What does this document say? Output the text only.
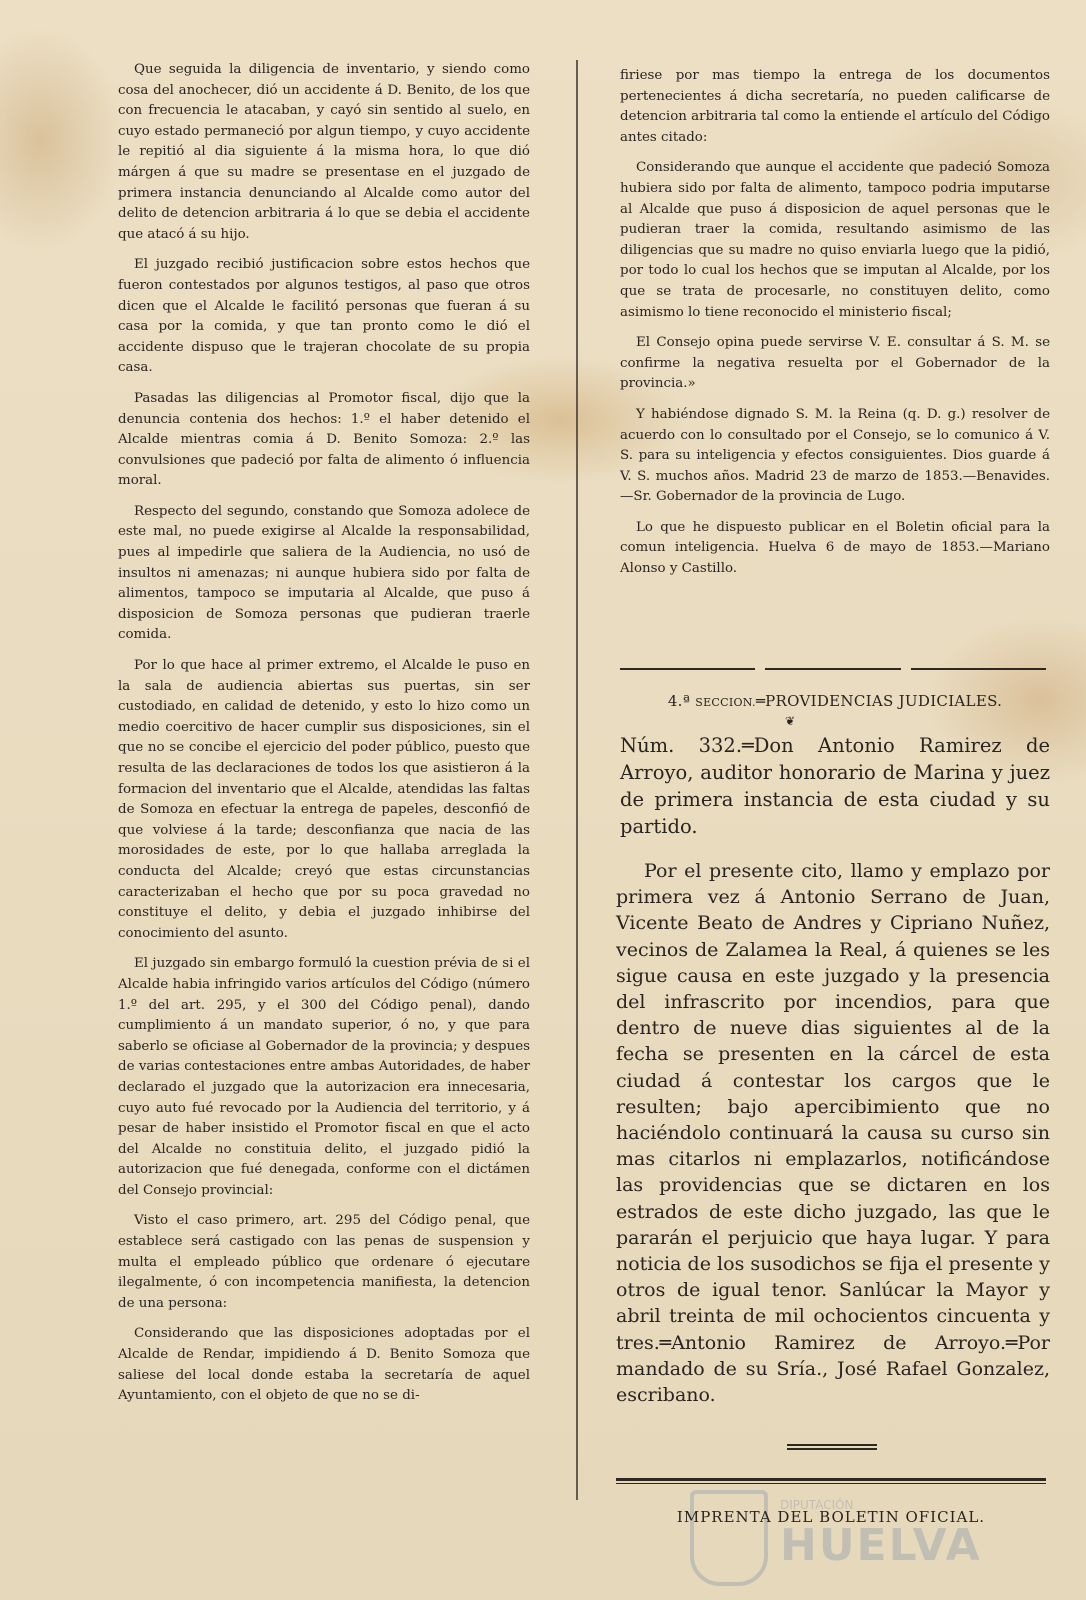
Que seguida la diligencia de inventario, y siendo como cosa del anochecer, dió un accidente á D. Benito, de los que con frecuencia le atacaban, y cayó sin sentido al suelo, en cuyo estado permaneció por algun tiempo, y cuyo accidente le repitió al dia siguiente á la misma hora, lo que dió márgen á que su madre se presentase en el juzgado de primera instancia denunciando al Alcalde como autor del delito de detencion arbitraria á lo que se debia el accidente que atacó á su hijo.

El juzgado recibió justificacion sobre estos hechos que fueron contestados por algunos testigos, al paso que otros dicen que el Alcalde le facilitó personas que fueran á su casa por la comida, y que tan pronto como le dió el accidente dispuso que le trajeran chocolate de su propia casa.

Pasadas las diligencias al Promotor fiscal, dijo que la denuncia contenia dos hechos: 1.º el haber detenido el Alcalde mientras comia á D. Benito Somoza: 2.º las convulsiones que padeció por falta de alimento ó influencia moral.

Respecto del segundo, constando que Somoza adolece de este mal, no puede exigirse al Alcalde la responsabilidad, pues al impedirle que saliera de la Audiencia, no usó de insultos ni amenazas; ni aunque hubiera sido por falta de alimentos, tampoco se imputaria al Alcalde, que puso á disposicion de Somoza personas que pudieran traerle comida.

Por lo que hace al primer extremo, el Alcalde le puso en la sala de audiencia abiertas sus puertas, sin ser custodiado, en calidad de detenido, y esto lo hizo como un medio coercitivo de hacer cumplir sus disposiciones, sin el que no se concibe el ejercicio del poder público, puesto que resulta de las declaraciones de todos los que asistieron á la formacion del inventario que el Alcalde, atendidas las faltas de Somoza en efectuar la entrega de papeles, desconfió de que volviese á la tarde; desconfianza que nacia de las morosidades de este, por lo que hallaba arreglada la conducta del Alcalde; creyó que estas circunstancias caracterizaban el hecho que por su poca gravedad no constituye el delito, y debia el juzgado inhibirse del conocimiento del asunto.

El juzgado sin embargo formuló la cuestion prévia de si el Alcalde habia infringido varios artículos del Código (número 1.º del art. 295, y el 300 del Código penal), dando cumplimiento á un mandato superior, ó no, y que para saberlo se oficiase al Gobernador de la provincia; y despues de varias contestaciones entre ambas Autoridades, de haber declarado el juzgado que la autorizacion era innecesaria, cuyo auto fué revocado por la Audiencia del territorio, y á pesar de haber insistido el Promotor fiscal en que el acto del Alcalde no constituia delito, el juzgado pidió la autorizacion que fué denegada, conforme con el dictámen del Consejo provincial:

Visto el caso primero, art. 295 del Código penal, que establece será castigado con las penas de suspension y multa el empleado público que ordenare ó ejecutare ilegalmente, ó con incompetencia manifiesta, la detencion de una persona:

Considerando que las disposiciones adoptadas por el Alcalde de Rendar, impidiendo á D. Benito Somoza que saliese del local donde estaba la secretaría de aquel Ayuntamiento, con el objeto de que no se di-

firiese por mas tiempo la entrega de los documentos pertenecientes á dicha secretaría, no pueden calificarse de detencion arbitraria tal como la entiende el artículo del Código antes citado:

Considerando que aunque el accidente que padeció Somoza hubiera sido por falta de alimento, tampoco podria imputarse al Alcalde que puso á disposicion de aquel personas que le pudieran traer la comida, resultando asimismo de las diligencias que su madre no quiso enviarla luego que la pidió, por todo lo cual los hechos que se imputan al Alcalde, por los que se trata de procesarle, no constituyen delito, como asimismo lo tiene reconocido el ministerio fiscal;

El Consejo opina puede servirse V. E. consultar á S. M. se confirme la negativa resuelta por el Gobernador de la provincia.»

Y habiéndose dignado S. M. la Reina (q. D. g.) resolver de acuerdo con lo consultado por el Consejo, se lo comunico á V. S. para su inteligencia y efectos consiguientes. Dios guarde á V. S. muchos años. Madrid 23 de marzo de 1853.—Benavides.—Sr. Gobernador de la provincia de Lugo.

Lo que he dispuesto publicar en el Boletin oficial para la comun inteligencia. Huelva 6 de mayo de 1853.—Mariano Alonso y Castillo.

4.ª SECCION.═PROVIDENCIAS JUDICIALES.
❦

Núm. 332.═Don Antonio Ramirez de Arroyo, auditor honorario de Marina y juez de primera instancia de esta ciudad y su partido.

Por el presente cito, llamo y emplazo por primera vez á Antonio Serrano de Juan, Vicente Beato de Andres y Cipriano Nuñez, vecinos de Zalamea la Real, á quienes se les sigue causa en este juzgado y la presencia del infrascrito por incendios, para que dentro de nueve dias siguientes al de la fecha se presenten en la cárcel de esta ciudad á contestar los cargos que le resulten; bajo apercibimiento que no haciéndolo continuará la causa su curso sin mas citarlos ni emplazarlos, notificándose las providencias que se dictaren en los estrados de este dicho juzgado, las que le pararán el perjuicio que haya lugar. Y para noticia de los susodichos se fija el presente y otros de igual tenor. Sanlúcar la Mayor y abril treinta de mil ochocientos cincuenta y tres.═Antonio Ramirez de Arroyo.═Por mandado de su Sría., José Rafael Gonzalez, escribano.

DIPUTACIÓN
HUELVA
IMPRENTA DEL BOLETIN OFICIAL.
